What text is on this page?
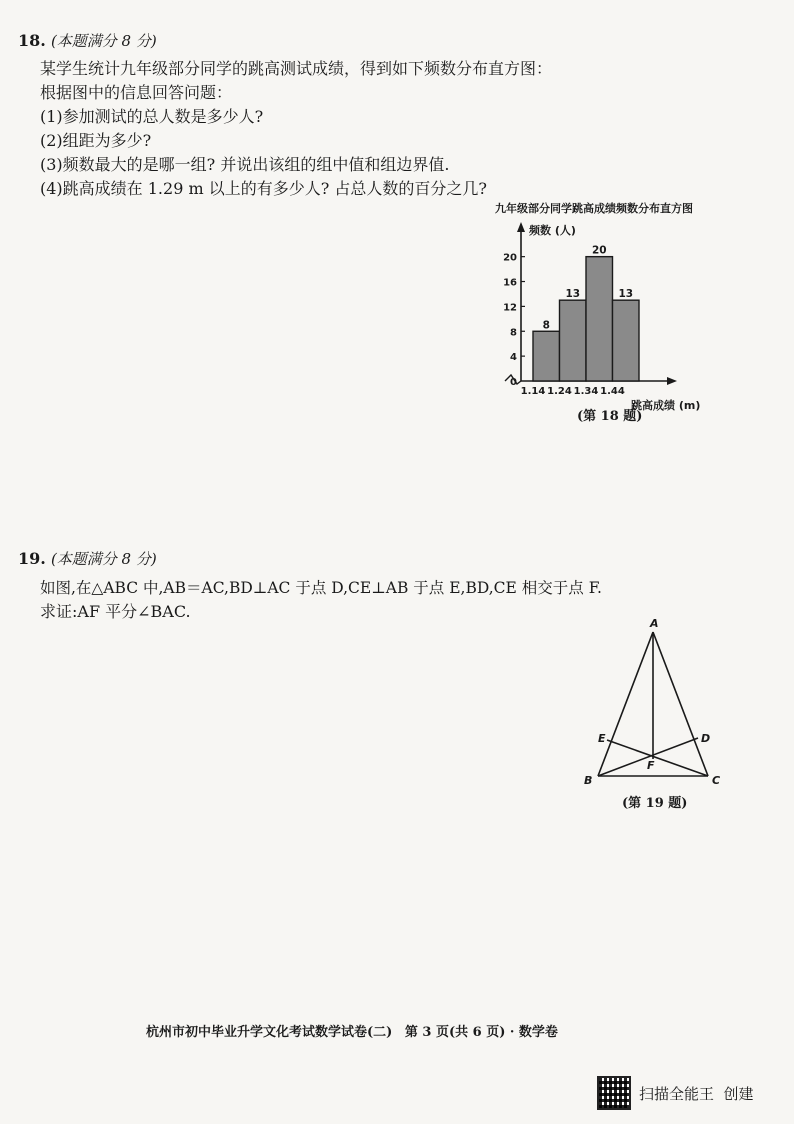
18. (本题满分 8 分)
某学生统计九年级部分同学的跳高测试成绩，得到如下频数分布直方图：
根据图中的信息回答问题：
(1)参加测试的总人数是多少人?
(2)组距为多少?
(3)频数最大的是哪一组? 并说出该组的组中值和组边界值.
(4)跳高成绩在 1.29 m 以上的有多少人? 占总人数的百分之几?
九年级部分同学跳高成绩频数分布直方图
频数 (人)
0
4
8
12
16
20
8
13
20
13
1.14 1.24 1.34 1.44
跳高成绩 (m)
(第 18 题)
19. (本题满分 8 分)
如图,在△ABC 中,AB＝AC,BD⊥AC 于点 D,CE⊥AB 于点 E,BD,CE 相交于点 F.
求证:AF 平分∠BAC.
A
B	C
D
E
F
(第 19 题)
杭州市初中毕业升学文化考试数学试卷(二) 第 3 页(共 6 页) · 数学卷
扫描全能王  创建
